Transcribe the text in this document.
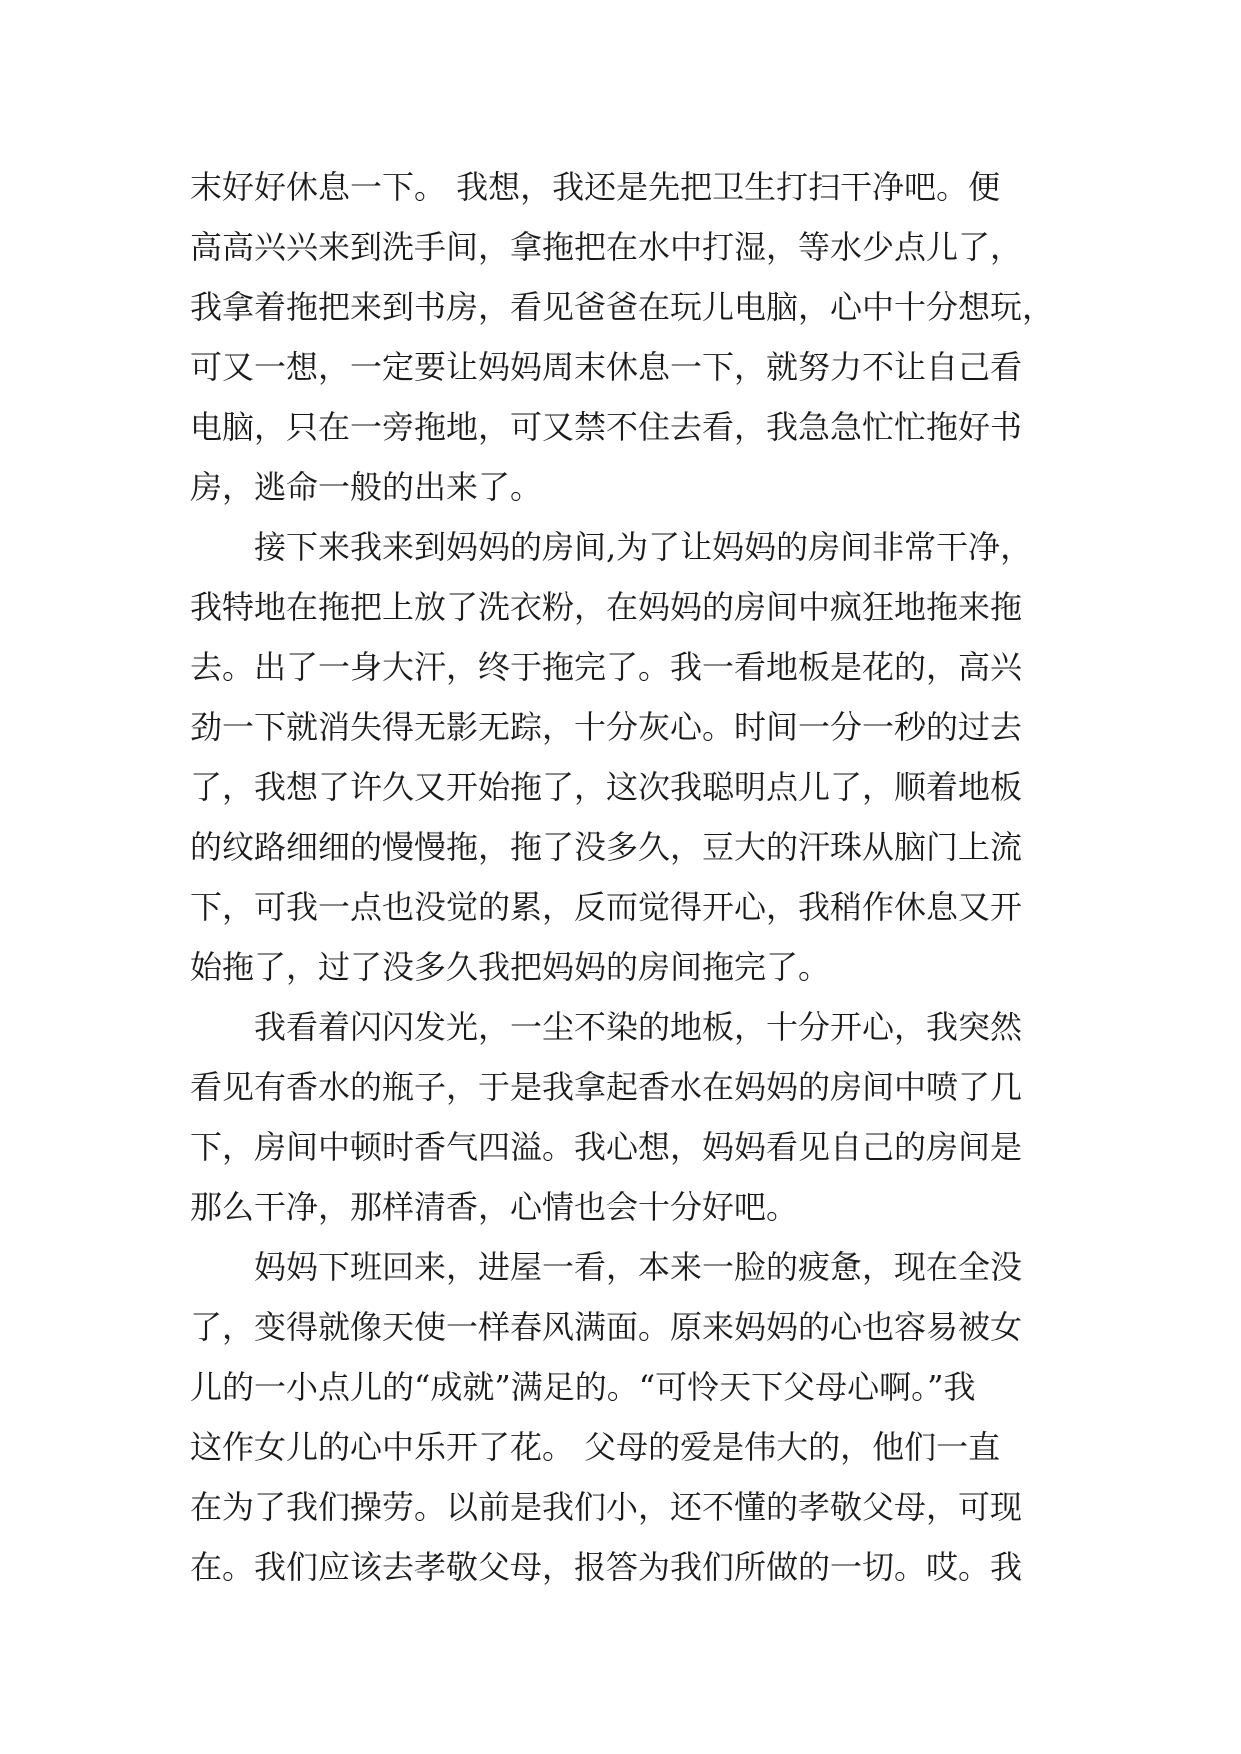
末好好休息一下。 我想，我还是先把卫生打扫干净吧。便
高高兴兴来到洗手间，拿拖把在水中打湿，等水少点儿了，
我拿着拖把来到书房，看见爸爸在玩儿电脑，心中十分想玩，
可又一想，一定要让妈妈周末休息一下，就努力不让自己看
电脑，只在一旁拖地，可又禁不住去看，我急急忙忙拖好书
房，逃命一般的出来了。
接下来我来到妈妈的房间,为了让妈妈的房间非常干净，
我特地在拖把上放了洗衣粉，在妈妈的房间中疯狂地拖来拖
去。出了一身大汗，终于拖完了。我一看地板是花的，高兴
劲一下就消失得无影无踪，十分灰心。时间一分一秒的过去
了，我想了许久又开始拖了，这次我聪明点儿了，顺着地板
的纹路细细的慢慢拖，拖了没多久，豆大的汗珠从脑门上流
下，可我一点也没觉的累，反而觉得开心，我稍作休息又开
始拖了，过了没多久我把妈妈的房间拖完了。
我看着闪闪发光，一尘不染的地板，十分开心，我突然
看见有香水的瓶子，于是我拿起香水在妈妈的房间中喷了几
下，房间中顿时香气四溢。我心想，妈妈看见自己的房间是
那么干净，那样清香，心情也会十分好吧。
妈妈下班回来，进屋一看，本来一脸的疲惫，现在全没
了，变得就像天使一样春风满面。原来妈妈的心也容易被女
儿的一小点儿的“成就”满足的。“可怜天下父母心啊。”我
这作女儿的心中乐开了花。 父母的爱是伟大的，他们一直
在为了我们操劳。以前是我们小，还不懂的孝敬父母，可现
在。我们应该去孝敬父母，报答为我们所做的一切。哎。我
